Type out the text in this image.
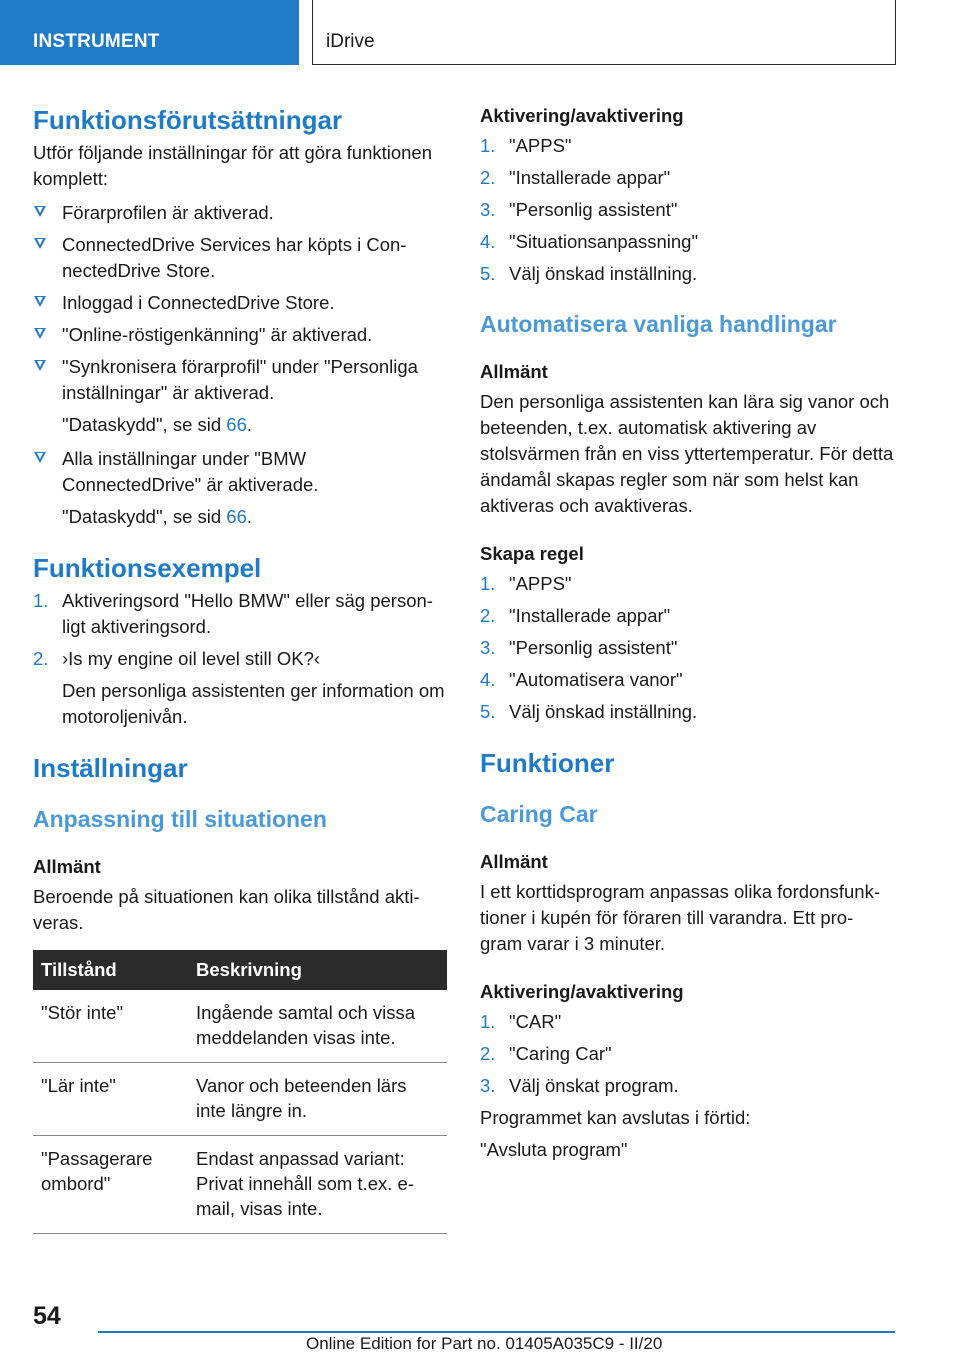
INSTRUMENT	iDrive
Funktionsförutsättningar

Utför följande inställningar för att göra funktionen komplett:

Förarprofilen är aktiverad.
ConnectedDrive Services har köpts i Con-nectedDrive Store.
Inloggad i ConnectedDrive Store.
"Online-röstigenkänning" är aktiverad.
"Synkronisera förarprofil" under "Personliga inställningar" är aktiverad.
"Dataskydd", se sid 66.
Alla inställningar under "BMW ConnectedDrive" är aktiverade.
"Dataskydd", se sid 66.
Funktionsexempel
1. Aktiveringsord "Hello BMW" eller säg person-ligt aktiveringsord.
2. ›Is my engine oil level still OK?‹
Den personliga assistenten ger information om motoroljenivån.
Inställningar
Anpassning till situationen
Allmänt

Beroende på situationen kan olika tillstånd akti-veras.

Tillstånd	Beskrivning
"Stör inte"	Ingående samtal och vissa meddelanden visas inte.
"Lär inte"	Vanor och beteenden lärs inte längre in.
"Passagerare ombord"	Endast anpassad variant: Privat innehåll som t.ex. e-mail, visas inte.
Aktivering/avaktivering
1. "APPS"
2. "Installerade appar"
3. "Personlig assistent"
4. "Situationsanpassning"
5. Välj önskad inställning.
Automatisera vanliga handlingar
Allmänt

Den personliga assistenten kan lära sig vanor och beteenden, t.ex. automatisk aktivering av stolsvärmen från en viss yttertemperatur. För detta ändamål skapas regler som när som helst kan aktiveras och avaktiveras.

Skapa regel
1. "APPS"
2. "Installerade appar"
3. "Personlig assistent"
4. "Automatisera vanor"
5. Välj önskad inställning.
Funktioner
Caring Car
Allmänt

I ett korttidsprogram anpassas olika fordonsfunk-tioner i kupén för föraren till varandra. Ett pro-gram varar i 3 minuter.

Aktivering/avaktivering
1. "CAR"
2. "Caring Car"
3. Välj önskat program.

Programmet kan avslutas i förtid:

"Avsluta program"

54
Online Edition for Part no. 01405A035C9 - II/20
